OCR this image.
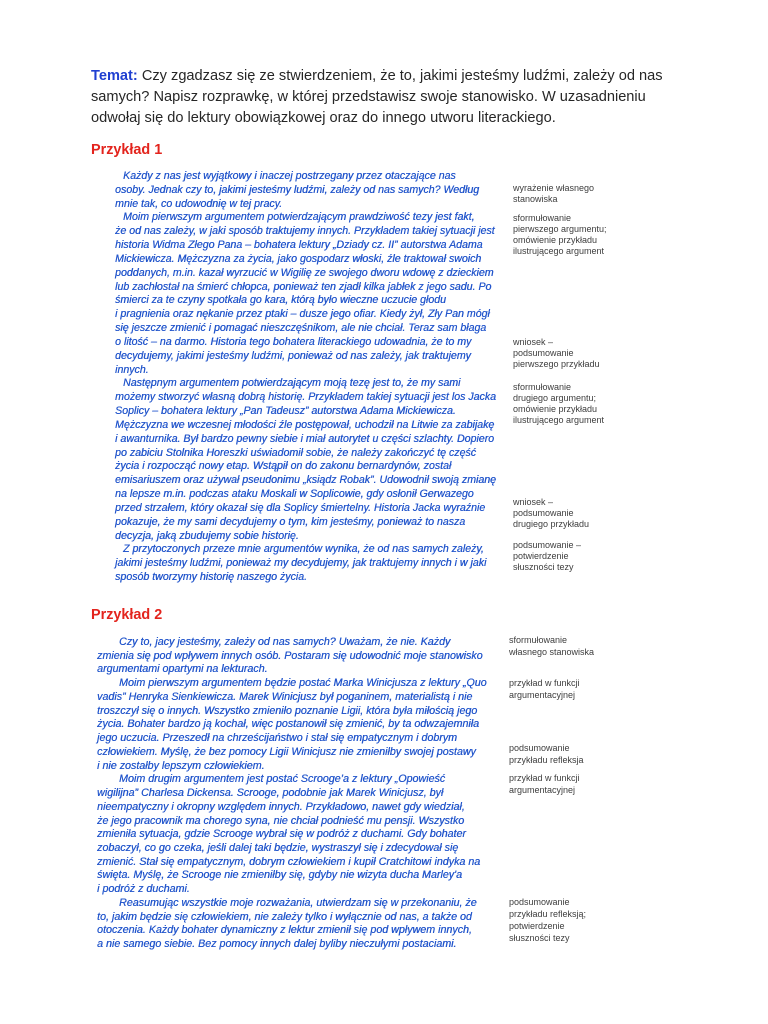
Temat: Czy zgadzasz się ze stwierdzeniem, że to, jakimi jesteśmy ludźmi, zależy od nas
samych? Napisz rozprawkę, w której przedstawisz swoje stanowisko. W uzasadnieniu
odwołaj się do lektury obowiązkowej oraz do innego utworu literackiego.
Przykład 1
Każdy z nas jest wyjątkowy i inaczej postrzegany przez otaczające nas
osoby. Jednak czy to, jakimi jesteśmy ludźmi, zależy od nas samych? Według
mnie tak, co udowodnię w tej pracy.
Moim pierwszym argumentem potwierdzającym prawdziwość tezy jest fakt,
że od nas zależy, w jaki sposób traktujemy innych. Przykładem takiej sytuacji jest
historia Widma Złego Pana – bohatera lektury „Dziady cz. II” autorstwa Adama
Mickiewicza. Mężczyzna za życia, jako gospodarz włoski, źle traktował swoich
poddanych, m.in. kazał wyrzucić w Wigilię ze swojego dworu wdowę z dzieckiem
lub zachłostał na śmierć chłopca, ponieważ ten zjadł kilka jabłek z jego sadu. Po
śmierci za te czyny spotkała go kara, którą było wieczne uczucie głodu
i pragnienia oraz nękanie przez ptaki – dusze jego ofiar. Kiedy żył, Zły Pan mógł
się jeszcze zmienić i pomagać nieszczęśnikom, ale nie chciał. Teraz sam błaga
o litość – na darmo. Historia tego bohatera literackiego udowadnia, że to my
decydujemy, jakimi jesteśmy ludźmi, ponieważ od nas zależy, jak traktujemy
innych.
Następnym argumentem potwierdzającym moją tezę jest to, że my sami
możemy stworzyć własną dobrą historię. Przykładem takiej sytuacji jest los Jacka
Soplicy – bohatera lektury „Pan Tadeusz” autorstwa Adama Mickiewicza.
Mężczyzna we wczesnej młodości źle postępował, uchodził na Litwie za zabijakę
i awanturnika. Był bardzo pewny siebie i miał autorytet u części szlachty. Dopiero
po zabiciu Stolnika Horeszki uświadomił sobie, że należy zakończyć tę część
życia i rozpocząć nowy etap. Wstąpił on do zakonu bernardynów, został
emisariuszem oraz używał pseudonimu „ksiądz Robak”. Udowodnił swoją zmianę
na lepsze m.in. podczas ataku Moskali w Soplicowie, gdy osłonił Gerwazego
przed strzałem, który okazał się dla Soplicy śmiertelny. Historia Jacka wyraźnie
pokazuje, że my sami decydujemy o tym, kim jesteśmy, ponieważ to nasza
decyzja, jaką zbudujemy sobie historię.
Z przytoczonych przeze mnie argumentów wynika, że od nas samych zależy,
jakimi jesteśmy ludźmi, ponieważ my decydujemy, jak traktujemy innych i w jaki
sposób tworzymy historię naszego życia.
wyrażenie własnego
stanowiska
sformułowanie
pierwszego argumentu;
omówienie przykładu
ilustrującego argument
wniosek –
podsumowanie
pierwszego przykładu
sformułowanie
drugiego argumentu;
omówienie przykładu
ilustrującego argument
wniosek –
podsumowanie
drugiego przykładu
podsumowanie –
potwierdzenie
słuszności tezy
Przykład 2
Czy to, jacy jesteśmy, zależy od nas samych? Uważam, że nie. Każdy
zmienia się pod wpływem innych osób. Postaram się udowodnić moje stanowisko
argumentami opartymi na lekturach.
Moim pierwszym argumentem będzie postać Marka Winicjusza z lektury „Quo
vadis” Henryka Sienkiewicza. Marek Winicjusz był poganinem, materialistą i nie
troszczył się o innych. Wszystko zmieniło poznanie Ligii, która była miłością jego
życia. Bohater bardzo ją kochał, więc postanowił się zmienić, by ta odwzajemniła
jego uczucia. Przeszedł na chrześcijaństwo i stał się empatycznym i dobrym
człowiekiem. Myślę, że bez pomocy Ligii Winicjusz nie zmieniłby swojej postawy
i nie zostałby lepszym człowiekiem.
Moim drugim argumentem jest postać Scrooge’a z lektury „Opowieść
wigilijna” Charlesa Dickensa. Scrooge, podobnie jak Marek Winicjusz, był
nieempatyczny i okropny względem innych. Przykładowo, nawet gdy wiedział,
że jego pracownik ma chorego syna, nie chciał podnieść mu pensji. Wszystko
zmieniła sytuacja, gdzie Scrooge wybrał się w podróż z duchami. Gdy bohater
zobaczył, co go czeka, jeśli dalej taki będzie, wystraszył się i zdecydował się
zmienić. Stał się empatycznym, dobrym człowiekiem i kupił Cratchitowi indyka na
święta. Myślę, że Scrooge nie zmieniłby się, gdyby nie wizyta ducha Marley'a
i podróż z duchami.
Reasumując wszystkie moje rozważania, utwierdzam się w przekonaniu, że
to, jakim będzie się człowiekiem, nie zależy tylko i wyłącznie od nas, a także od
otoczenia. Każdy bohater dynamiczny z lektur zmienił się pod wpływem innych,
a nie samego siebie. Bez pomocy innych dalej byliby nieczułymi postaciami.
sformułowanie
własnego stanowiska
przykład w funkcji
argumentacyjnej
podsumowanie
przykładu refleksja
przykład w funkcji
argumentacyjnej
podsumowanie
przykładu refleksją;
potwierdzenie
słuszności tezy
